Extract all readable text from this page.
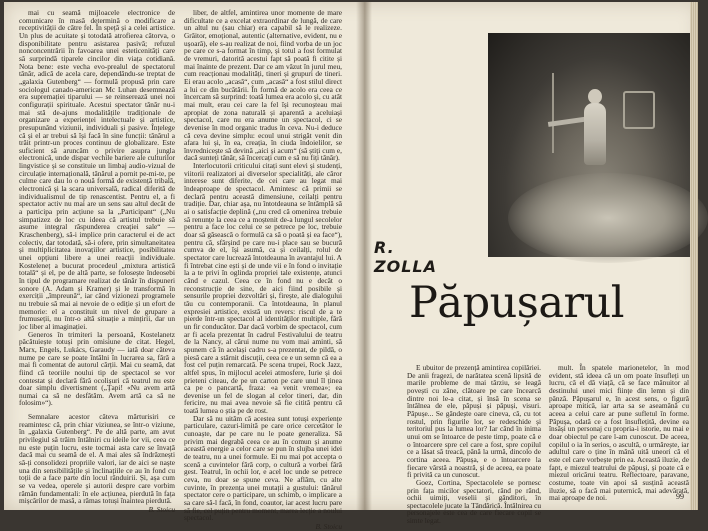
mai cu seamă mijloacele electronice de comunicare în masă determină o modificare a receptivității de către fel. În speță și a celei artistice. Un plus de acuitate și totodată atrofierea câtorva, o disponibilitate pentru asistarea pasivă; refuzul nonconcentrării în favoarea unei esteticenități care să surprindă tiparele cincilor din viața cotidiană. Nota bene: este vecha evo-prealul de spectatorul tânăr, adică de acela care, dependându-se treptat de „galaxia Gutenberg“ — formulă propusă prin care sociologul canado-american Mc Luhan desemnează era supremației tiparului — se reinserează unei noi configurații spirituale. Acestui spectator tânăr nu-i mai stă de-ajuns modalitățile tradiționale de organizare a experienței intelectuale și artistice, presupunând viziunii, individuali și pasive. Înțelege că și el ar trebui să își facă în sine funcții: tânărul a trăit printr-un proces continuu de globalizare. Este suficient să aruncăm o privire asupra jungla electronică, unde dispar vechile bariere ale culturilor lingvistice și se constituie un limbaj audio-vizual de circulație internațională, tânărul a pornit pe-mi-te, pe culme care dau lo o nouă formă de existență tribală, electronică și la scara universală, radical diferită de individualismul de tip renascentist. Pentru el, a fi spectator activ nu mai are un sens sau altul decât de a participa prin acțiune sa la „Participant“ („Nu simpatizez de loc cu ideea că artistul trebuie să asume integral răspunderea creației sale“ — Kraschenberg), să-i implice prin caracterul ei de act colectiv, dar totodată, să-i ofere, prin simultaneitatea și multiplicitatea inovațiilor artistice, posibilitatea unei opțiuni libere a unei reacții individuale. Kosteleneț a bucurat procedeul „mixtura artistică totală“ și el, pe de altă parte, se folosește îndeosebi în tipul de programare realizat de tânăr în dispuneri sonore (A. Adam și Kramer) și le transformă în exerciții „împreună“, iar când vizionezi programele nu trebuie să mai ai nevoie de o ediție și un efort de memorie: el a constituit un nivel de grupare a frumuseții, nu într-o altă situație a mințirii, dar un joc liber al imaginației.

Generos în trimiteri la persoană, Kostelanetz păcătuiește totuși prin omisiune de citat. Hegel, Marx, Engels, Lukács, Garaudy — iată doar câteva nume pe care se poate întâlni în lucrarea sa, fără a mai fi comentat de autorul cărții. Mai cu seamă, dat fiind că teoriile noului tip de spectacol se vor contestat și declară fără ocolișuri că teatrul nu este doar simplu divertisment („Ţapi! «Nu avem artă numai ca să ne desfătăm. Avem artă ca să ne folosim»“).

Semnalare acestor câteva mărturisiri ce reamintesc că, prin chiar viziunea, se într-o viziune, în „galaxia Gutenberg“. Pe de altă parte, am avut privilegiul să trăim întâlniri cu ideile lor vii, ceea ce nu este puțin lucru, este tocmai asta care se învață dacă mai cu seamă de el. A mai ales să îndrăznești să-ți consolidezi propriile valori, iar de aici se naște una din sensibilitățile și înclinațiile ce au în fond cu toții de a face parte din locul rânduirii. Și, așa cum se va vedea, operele și autorii despre care vorbim rămân fundamentali: în ele acțiunea, pierdută în fața mișcărilor de masă, a rămas totuși înaintea pierdută.

B. Stoicu

liber, de altfel, amintirea unor momente de mare dificultate ce a excelat extraordinar de lungă, de care un altul nu (sau chiar) era capabil să le realizeze. Grăitor, emoțional, autentic (alternative, evident, nu e ușoară), ele s-au realizat de noi, fiind vorba de un joc pe care ce s-a format în timp, și totul a fost formulat de vremuri, datorită acestui fapt să poată fi citite și mai înainte de prezent. Dar ce am văzut în jurul meu, cum reacționau modalități, tineri și grupuri de tineri. Ei erau acolo „acasă“, cum „acasă“ a fost stilul direct a lui ce din bucătării. În formă de acolo era ceea ce încercam să surprind: toată lumea era acolo și, cu atât mai mult, erau cei care la fel își recunoșteau mai apropiat de zona naturală și aparentă a aceluiași spectacol, care nu era anume un spectacol, ci se devenise în mod organic tradus în ceva. Nu-i deduce că ceva devine simplu: ecoul unui strigăt venit din afara lui și, în ea, creația, în ciuda îndoielilor, se învrednicește să devină „aici și acum“ (să știți cum e, dacă sunteți tânăr, să încercați cum e să nu fiți tânăr).

Interlocutorii criticului citați sunt elevi și studenți, viitorii realizatori ai diverselor specialități, ale căror interese sunt diferite, de cei care au legat mai îndeaproape de spectacol. Amintesc că primii se declară pentru această dimensiune, ceilalți pentru tradiție. Dar, chiar așa, nu întotdeauna se întâmplă să ai o satisfacție deplină („nu cred că omenirea trebuie să renunțe la ceea ce a moștenit de-a lungul secolelor pentru a face loc celui ce se petrece pe loc, trebuie doar să găsească o formulă ca să o poată și ea face“), pentru că, sfârșind pe care nu-i place sau se bucură cumva de el, își asumă, ca și ceilalți, rolul de spectator care lucrează întotdeauna în avantajul lui. A fi întrebat cine ești și de unde vii e în fond o invitație la a te privi în oglinda propriei tale existențe, atunci când e cazul. Ceea ce în fond nu e decât o reconstrucție de sine, de aici fiind posibile și sensurile propriei dezvoltări și, firește, ale dialogului tău cu contemporanii. Ca întotdeauna, în planul expresiei artistice, există un revers: riscul de a te pierde într-un spectacol al identităților multiple, fără un fir conducător. Dar dacă vorbim de spectacol, cum ar fi acela prezentat în cadrul Festivalului de teatru de la Nancy, al cărui nume nu vom mai aminti, să spunem că în același cadru s-a prezentat, de pildă, o piesă care a stârnit discuții, ceea ce e un semn că ea a fost cel puțin remarcată. Pe scena trupei, Rock Jazz, altfel spus, în mijlocul acelei atmosfere, Iurie și doi prieteni citeau, de pe un carton pe care unul îl ținea ca pe o pancartă, fraza: «a venit vremea»; ea devenise un fel de slogan al celor tineri, dar, din fericire, nu mai avea nevoie să fie citită pentru că toată lumea o știa pe de rost.

Dar să nu uităm că acestea sunt totuși experiențe particulare, cazuri-limită pe care orice cercetător le cunoaște, dar pe care nu le poate generaliza. Să privim mai degrabă ceea ce au în comun și anume această energie a celor care se pun în slujba unei idei de teatru, nu a unei formule. Ei nu mai pot accepta o scenă a cuvintelor fără corp, o cultură a vorbei fără gest. Teatrul, în ochii lor, e acel loc unde se petrece ceva, nu doar se spune ceva. Ne aflăm, cu alte cuvinte, în prezența unei mutații a gustului: tânărul spectator cere o participare, un schimb, o implicare a sa care să-l facă, în fond, coautor, iar acest lucru pare să fie, cel puțin pentru moment, marea lecție a noului spectacol.

B. Stoicu

R. ZOLLA
Păpușarul

E ubuitor de prezență amintirea copilăriei. De anii fragezi, de narătatea scenă lipsită de marile probleme de mai târziu, se leagă povești cu zâne, clătoare pe care încearcă dintre noi le-a citat, și însă în scena se întâlnea de ele, păpuși și păpuși, visuri. Păpușe... Se gândește oare cineva, că, cu tot rostul, prin figurile lor, se redeschide și teritoriul pus la lumea lor? Iar când în inima unui om se întoarce de peste timp, poate că e o întoarcere spre cel care a fost, spre copilul ce a lăsat să treacă, până la urmă, dincolo de cortina aceea. Păpușa, e o întoarcere la fiecare vârstă a noastră, și de aceea, ea poate fi privită ca un cunoscut.

Goez, Cortina, Spectacolele se pornesc prin fața micilor spectatori, rând pe rând, ochii uimiți, veselii și gânditori, în spectacolele jucate la Tândărică. Întâlnirea cu personajele este cea de care fiecare copil se simte legat.

mult. În spatele marionetelor, în mod evident, stă ideea că un om poate însufleți un lucru, că el dă viață, că se face mânuitor al destinului unei mici ființe din lemn și din pânză. Păpușarul e, în acest sens, o figură aproape mitică, iar arta sa se aseamănă cu aceea a celui care ar pune sufletul în forme. Păpușa, odată ce a fost însuflețită, devine ea însăși un personaj cu propria-i istorie, nu mai e doar obiectul pe care l-am cunoscut. De aceea, copilul o ia în serios, o ascultă, o urmărește, iar adultul care o ține în mână uită uneori că el este cel care vorbește prin ea. Această iluzie, de fapt, e miezul teatrului de păpuși, și poate că e miezul oricărui teatru. Reflectoare, paravane, costume, toate vin apoi să susțină această iluzie, să o facă mai puternică, mai adevărată, mai aproape de noi.	99
